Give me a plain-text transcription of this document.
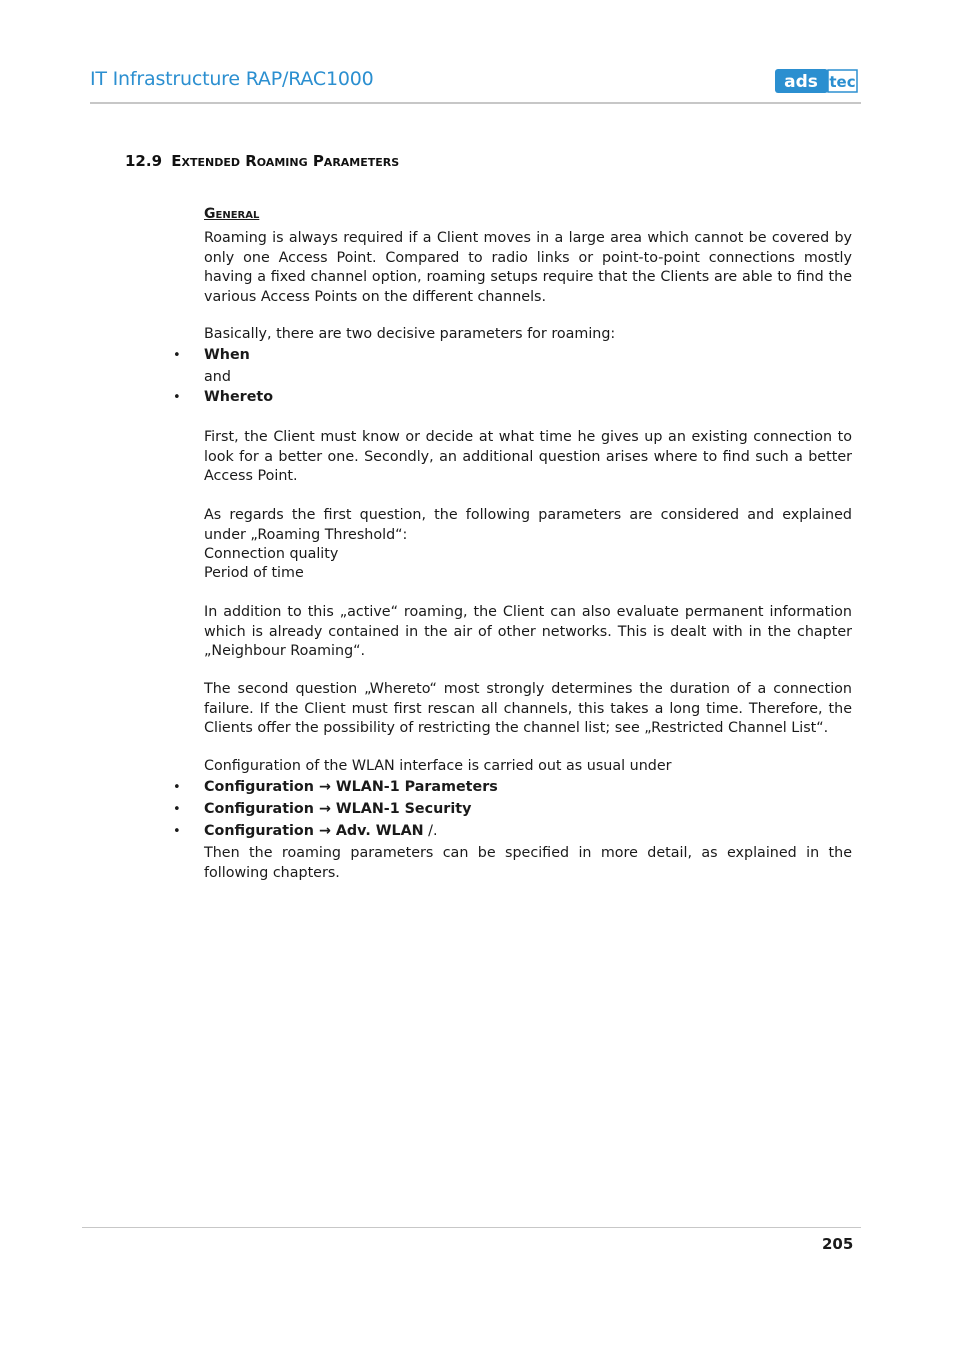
IT Infrastructure RAP/RAC1000	ads tec
12.9 Extended Roaming Parameters
General

Roaming is always required if a Client moves in a large area which cannot be covered by only one Access Point. Compared to radio links or point-to-point connections mostly having a fixed channel option, roaming setups require that the Clients are able to find the various Access Points on the different channels.

Basically, there are two decisive parameters for roaming:

• When

and

• Whereto

First, the Client must know or decide at what time he gives up an existing connection to look for a better one. Secondly, an additional question arises where to find such a better Access Point.

As regards the first question, the following parameters are considered and explained under „Roaming Threshold“:

Connection quality

Period of time

In addition to this „active“ roaming, the Client can also evaluate permanent information which is already contained in the air of other networks. This is dealt with in the chapter „Neighbour Roaming“.

The second question „Whereto“ most strongly determines the duration of a connection failure. If the Client must first rescan all channels, this takes a long time. Therefore, the Clients offer the possibility of restricting the channel list; see „Restricted Channel List“.

Configuration of the WLAN interface is carried out as usual under

• Configuration → WLAN-1 Parameters
• Configuration → WLAN-1 Security
• Configuration → Adv. WLAN /.

Then the roaming parameters can be specified in more detail, as explained in the following chapters.

205
